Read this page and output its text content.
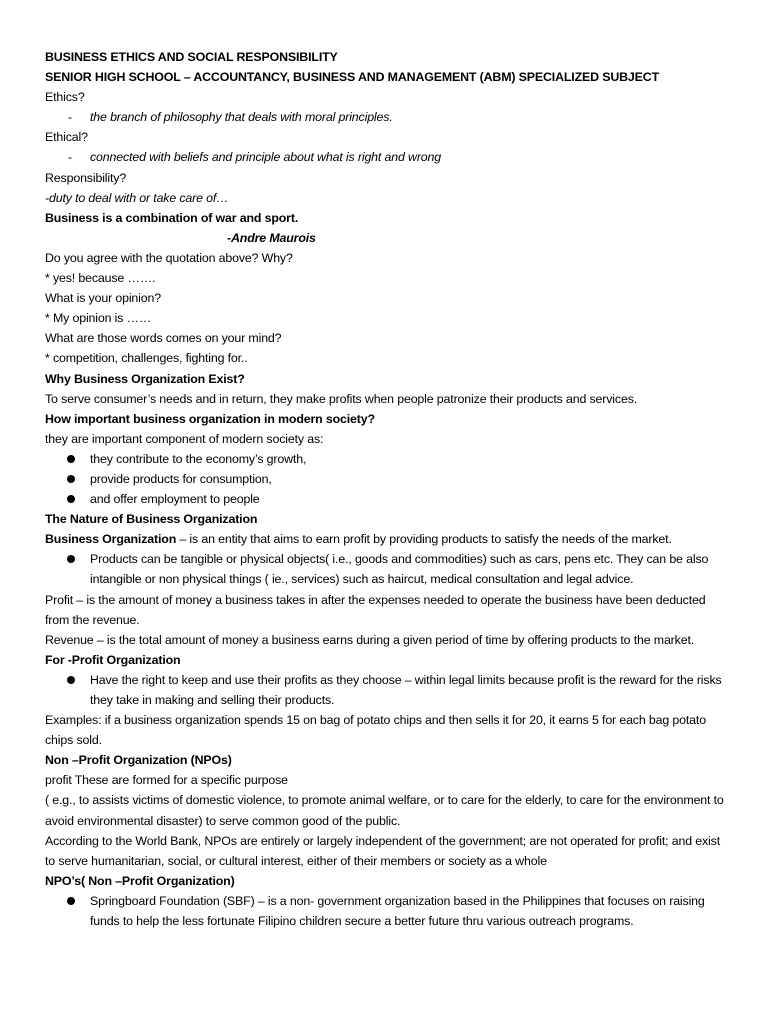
BUSINESS ETHICS AND SOCIAL RESPONSIBILITY
SENIOR HIGH SCHOOL – ACCOUNTANCY, BUSINESS AND MANAGEMENT (ABM) SPECIALIZED SUBJECT
Ethics?
- the branch of philosophy that deals with moral principles.
Ethical?
- connected with beliefs and principle about what is right and wrong
Responsibility?
-duty to deal with or take care of…
Business is a combination of war and sport.
-Andre Maurois
Do you agree with the quotation above? Why?
* yes! because …….
What is your opinion?
* My opinion is ……
What are those words comes on your mind?
* competition, challenges, fighting for..
Why Business Organization Exist?
To serve consumer’s needs and in return, they make profits when people patronize their products and services.
How important business organization in modern society?
they are important component of modern society as:
they contribute to the economy’s growth,
provide products for consumption,
and offer employment to people
The Nature of Business Organization
Business Organization – is an entity that aims to earn profit by providing products to satisfy the needs of the market.
Products can be tangible or physical objects( i.e., goods and commodities) such as cars, pens etc. They can be also intangible or non physical things ( ie., services) such as haircut, medical consultation and legal advice.
Profit – is the amount of money a business takes in after the expenses needed to operate the business have been deducted from the revenue.
Revenue – is the total amount of money a business earns during a given period of time by offering products to the market.
For -Profit Organization
Have the right to keep and use their profits as they choose – within legal limits because profit is the reward for the risks they take in making and selling their products.
Examples: if a business organization spends 15 on bag of potato chips and then sells it for 20, it earns 5 for each bag potato chips sold.
Non –Profit Organization (NPOs)
profit These are formed for a specific purpose
( e.g., to assists victims of domestic violence, to promote animal welfare, or to care for the elderly, to care for the environment to avoid environmental disaster) to serve common good of the public.
According to the World Bank, NPOs are entirely or largely independent of the government; are not operated for profit; and exist to serve humanitarian, social, or cultural interest, either of their members or society as a whole
NPO’s( Non –Profit Organization)
Springboard Foundation (SBF) – is a non- government organization based in the Philippines that focuses on raising funds to help the less fortunate Filipino children secure a better future thru various outreach programs.
